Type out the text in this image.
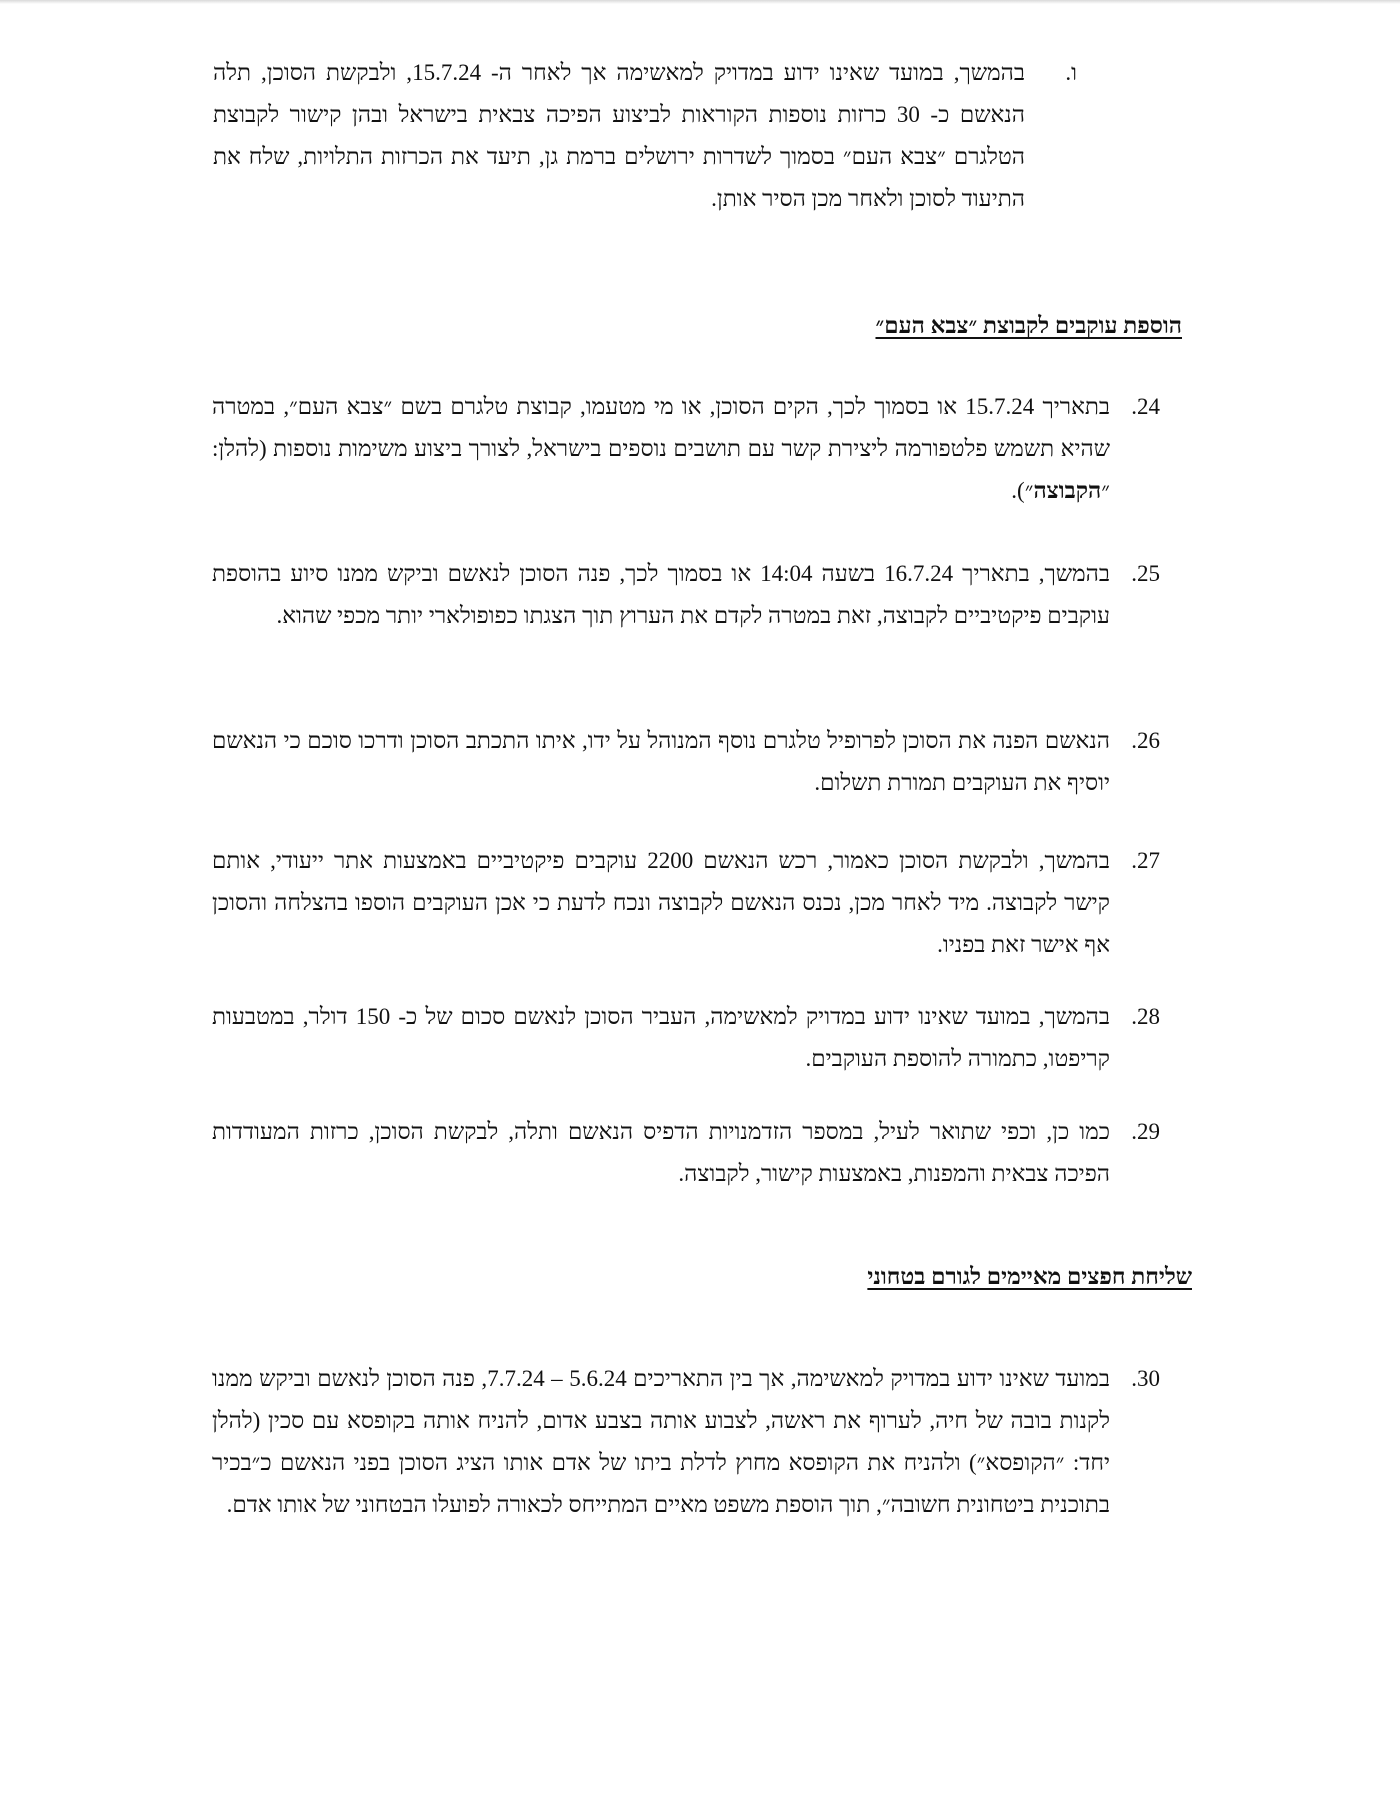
ו.
בהמשך, במועד שאינו ידוע במדויק למאשימה אך לאחר ה- 15.7.24, ולבקשת הסוכן, תלה הנאשם כ- 30 כרזות נוספות הקוראות לביצוע הפיכה צבאית בישראל ובהן קישור לקבוצת הטלגרם ״צבא העם״ בסמוך לשדרות ירושלים ברמת גן, תיעד את הכרזות התלויות, שלח את התיעוד לסוכן ולאחר מכן הסיר אותן.
הוספת עוקבים לקבוצת ״צבא העם״
24.
בתאריך 15.7.24 או בסמוך לכך, הקים הסוכן, או מי מטעמו, קבוצת טלגרם בשם ״צבא העם״, במטרה שהיא תשמש פלטפורמה ליצירת קשר עם תושבים נוספים בישראל, לצורך ביצוע משימות נוספות (להלן: ״הקבוצה״).
25.
בהמשך, בתאריך 16.7.24 בשעה 14:04 או בסמוך לכך, פנה הסוכן לנאשם וביקש ממנו סיוע בהוספת עוקבים פיקטיביים לקבוצה, זאת במטרה לקדם את הערוץ תוך הצגתו כפופולארי יותר מכפי שהוא.
26.
הנאשם הפנה את הסוכן לפרופיל טלגרם נוסף המנוהל על ידו, איתו התכתב הסוכן ודרכו סוכם כי הנאשם יוסיף את העוקבים תמורת תשלום.
27.
בהמשך, ולבקשת הסוכן כאמור, רכש הנאשם 2200 עוקבים פיקטיביים באמצעות אתר ייעודי, אותם קישר לקבוצה. מיד לאחר מכן, נכנס הנאשם לקבוצה ונכח לדעת כי אכן העוקבים הוספו בהצלחה והסוכן אף אישר זאת בפניו.
28.
בהמשך, במועד שאינו ידוע במדויק למאשימה, העביר הסוכן לנאשם סכום של כ- 150 דולר, במטבעות קריפטו, כתמורה להוספת העוקבים.
29.
כמו כן, וכפי שתואר לעיל, במספר הזדמנויות הדפיס הנאשם ותלה, לבקשת הסוכן, כרזות המעודדות הפיכה צבאית והמפנות, באמצעות קישור, לקבוצה.
שליחת חפצים מאיימים לגורם בטחוני
30.
במועד שאינו ידוע במדויק למאשימה, אך בין התאריכים 5.6.24 – 7.7.24, פנה הסוכן לנאשם וביקש ממנו לקנות בובה של חיה, לערוף את ראשה, לצבוע אותה בצבע אדום, להניח אותה בקופסא עם סכין (להלן יחד: ״הקופסא״) ולהניח את הקופסא מחוץ לדלת ביתו של אדם אותו הציג הסוכן בפני הנאשם כ״בכיר בתוכנית ביטחונית חשובה״, תוך הוספת משפט מאיים המתייחס לכאורה לפועלו הבטחוני של אותו אדם.
